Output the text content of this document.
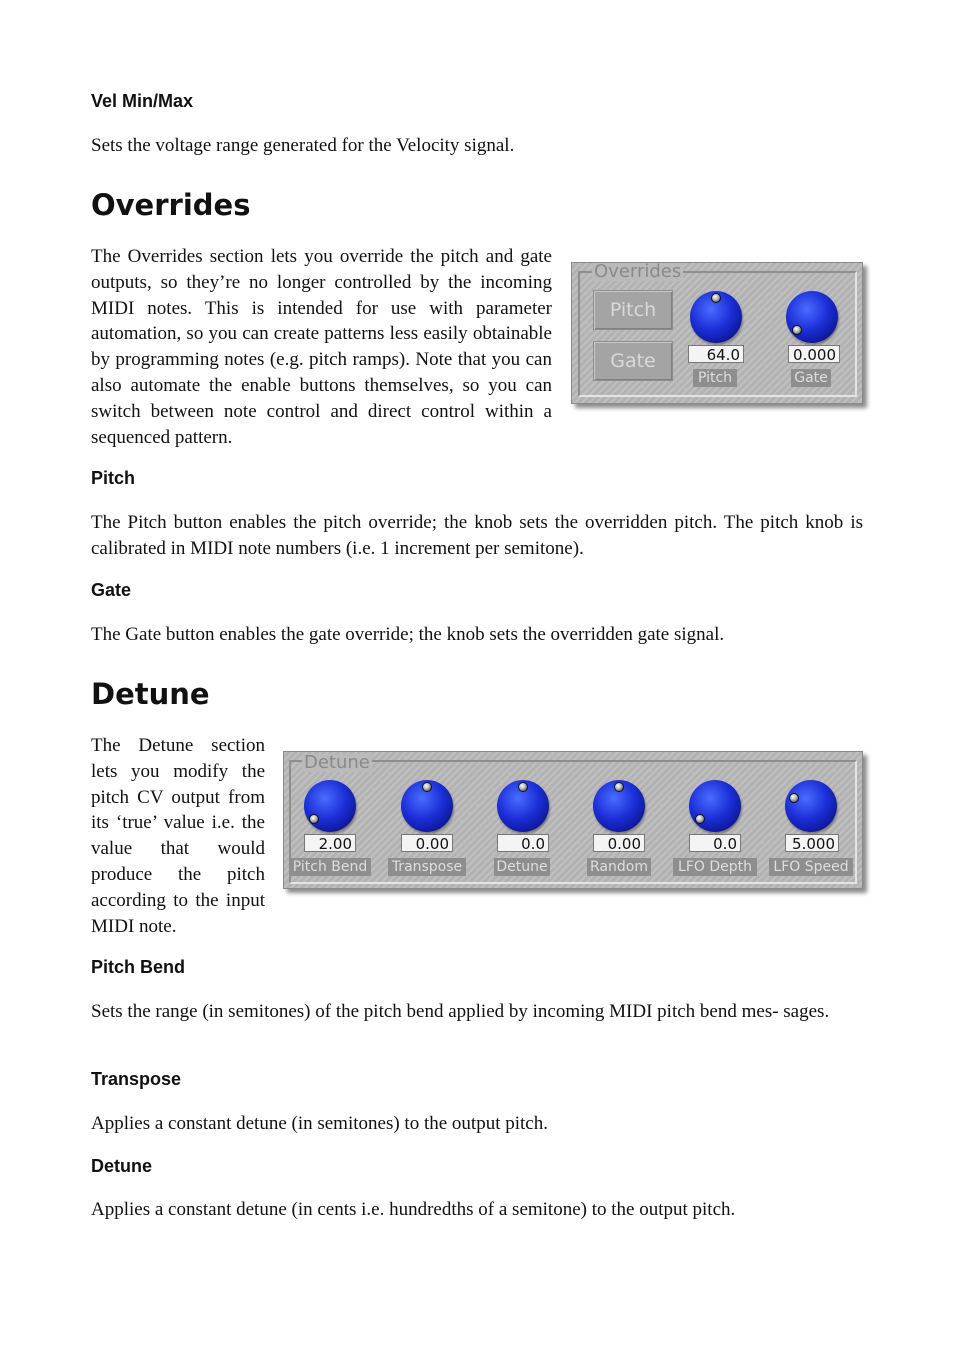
Vel Min/Max
Sets the voltage range generated for the Velocity signal.
Overrides
The Overrides section lets you override the pitch and gate outputs, so they’re no longer controlled by the incoming MIDI notes. This is intended for use with parameter automation, so you can create patterns less easily obtainable by programming notes (e.g. pitch ramps). Note that you can also automate the enable buttons themselves, so you can switch between note control and direct control within a sequenced pattern.
Overrides
Pitch
Gate	64.0
Pitch
0.000
Gate
Pitch
The Pitch button enables the pitch override; the knob sets the overridden pitch. The pitch knob is calibrated in MIDI note numbers (i.e. 1 increment per semitone).
Gate
The Gate button enables the gate override; the knob sets the overridden gate signal.
Detune
The Detune section lets you modify the pitch CV output from its ‘true’ value i.e. the value that would produce the pitch according to the input MIDI note.
Detune
2.00
Pitch Bend
0.00
Transpose
0.0
Detune
0.00
Random
0.0
LFO Depth
5.000
LFO Speed
Pitch Bend
Sets the range (in semitones) of the pitch bend applied by incoming MIDI pitch bend mes- sages.
Transpose
Applies a constant detune (in semitones) to the output pitch.
Detune
Applies a constant detune (in cents i.e. hundredths of a semitone) to the output pitch.
